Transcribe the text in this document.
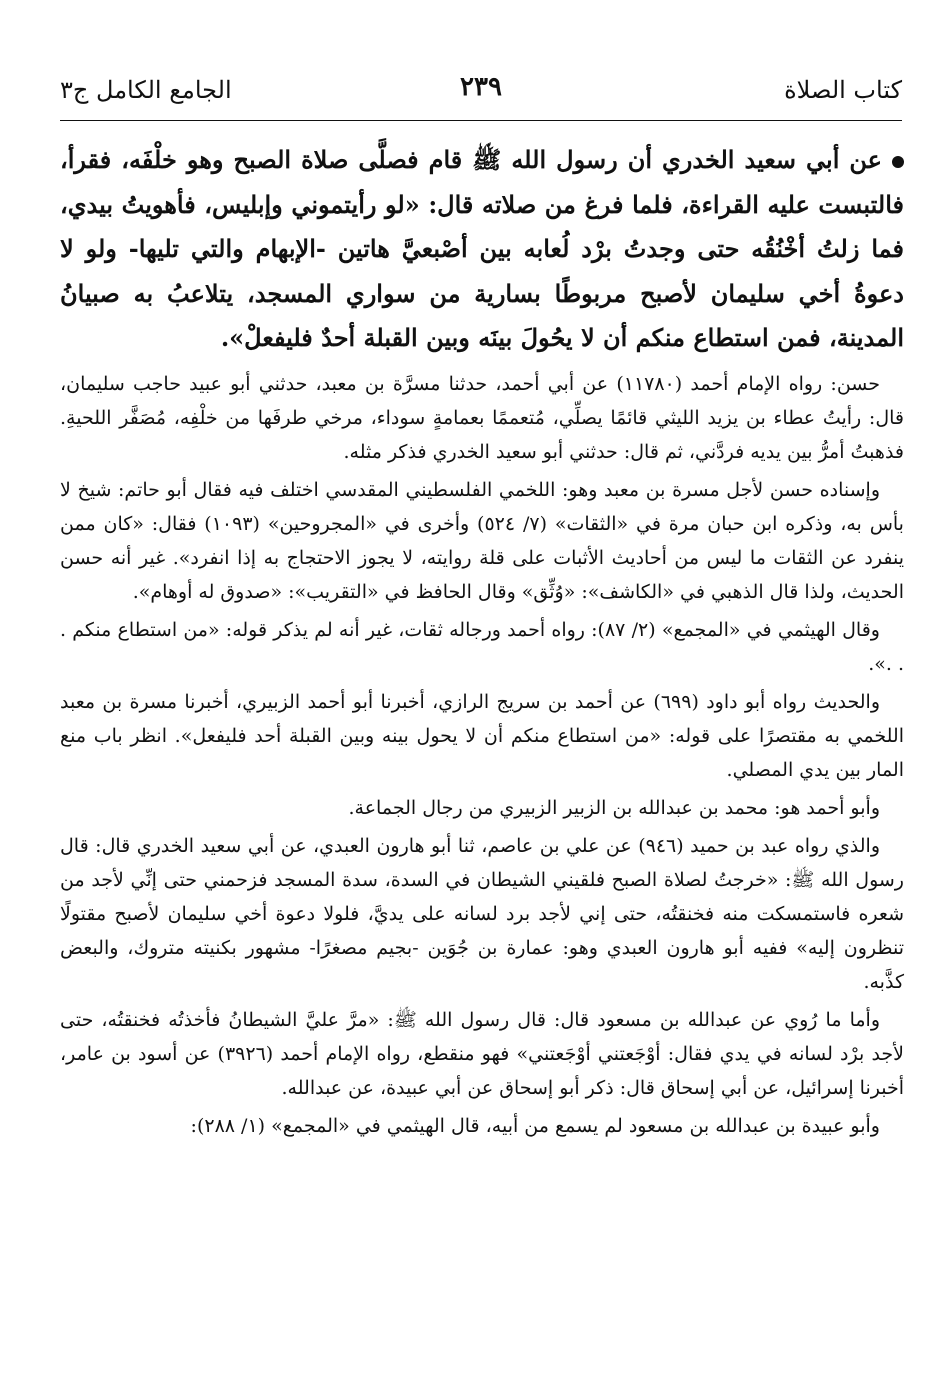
كتاب الصلاة
٢٣٩
الجامع الكامل ج٣

عن أبي سعيد الخدري أن رسول الله ﷺ قام فصلَّى صلاة الصبح وهو خلْفَه، فقرأ، فالتبست عليه القراءة، فلما فرغ من صلاته قال: «لو رأيتموني وإبليس، فأهويتُ بيدي، فما زلتُ أخْنُقُه حتى وجدتُ برْد لُعابه بين أصْبعيَّ هاتين -الإبهام والتي تليها- ولو لا دعوةُ أخي سليمان لأصبح مربوطًا بسارية من سواري المسجد، يتلاعبُ به صبيانُ المدينة، فمن استطاع منكم أن لا يحُولَ بينَه وبين القبلة أحدٌ فليفعلْ».

حسن: رواه الإمام أحمد (١١٧٨٠) عن أبي أحمد، حدثنا مسرَّة بن معبد، حدثني أبو عبيد حاجب سليمان، قال: رأيتُ عطاء بن يزيد الليثي قائمًا يصلِّي، مُتعممًا بعمامةٍ سوداء، مرخي طرفَها من خلْفِه، مُصَفَّر اللحيةِ. فذهبتُ أمرُّ بين يديه فردَّني، ثم قال: حدثني أبو سعيد الخدري فذكر مثله.

وإسناده حسن لأجل مسرة بن معبد وهو: اللخمي الفلسطيني المقدسي اختلف فيه فقال أبو حاتم: شيخ لا بأس به، وذكره ابن حبان مرة في «الثقات» (٧/ ٥٢٤) وأخرى في «المجروحين» (١٠٩٣) فقال: «كان ممن ينفرد عن الثقات ما ليس من أحاديث الأثبات على قلة روايته، لا يجوز الاحتجاج به إذا انفرد». غير أنه حسن الحديث، ولذا قال الذهبي في «الكاشف»: «وُثِّق» وقال الحافظ في «التقريب»: «صدوق له أوهام».

وقال الهيثمي في «المجمع» (٢/ ٨٧): رواه أحمد ورجاله ثقات، غير أنه لم يذكر قوله: «من استطاع منكم . . .».

والحديث رواه أبو داود (٦٩٩) عن أحمد بن سريج الرازي، أخبرنا أبو أحمد الزبيري، أخبرنا مسرة بن معبد اللخمي به مقتصرًا على قوله: «من استطاع منكم أن لا يحول بينه وبين القبلة أحد فليفعل». انظر باب منع المار بين يدي المصلي.

وأبو أحمد هو: محمد بن عبدالله بن الزبير الزبيري من رجال الجماعة.

والذي رواه عبد بن حميد (٩٤٦) عن علي بن عاصم، ثنا أبو هارون العبدي، عن أبي سعيد الخدري قال: قال رسول الله ﷺ: «خرجتُ لصلاة الصبح فلقيني الشيطان في السدة، سدة المسجد فزحمني حتى إنِّي لأجد من شعره فاستمسكت منه فخنقتُه، حتى إني لأجد برد لسانه على يديَّ، فلولا دعوة أخي سليمان لأصبح مقتولًا تنظرون إليه» ففيه أبو هارون العبدي وهو: عمارة بن جُوَين -بجيم مصغرًا- مشهور بكنيته متروك، والبعض كذَّبه.

وأما ما رُوي عن عبدالله بن مسعود قال: قال رسول الله ﷺ: «مرَّ عليَّ الشيطانُ فأخذتُه فخنقتُه، حتى لأجد برْد لسانه في يدي فقال: أوْجَعتني أوْجَعتني» فهو منقطع، رواه الإمام أحمد (٣٩٢٦) عن أسود بن عامر، أخبرنا إسرائيل، عن أبي إسحاق قال: ذكر أبو إسحاق عن أبي عبيدة، عن عبدالله.

وأبو عبيدة بن عبدالله بن مسعود لم يسمع من أبيه، قال الهيثمي في «المجمع» (١/ ٢٨٨):
